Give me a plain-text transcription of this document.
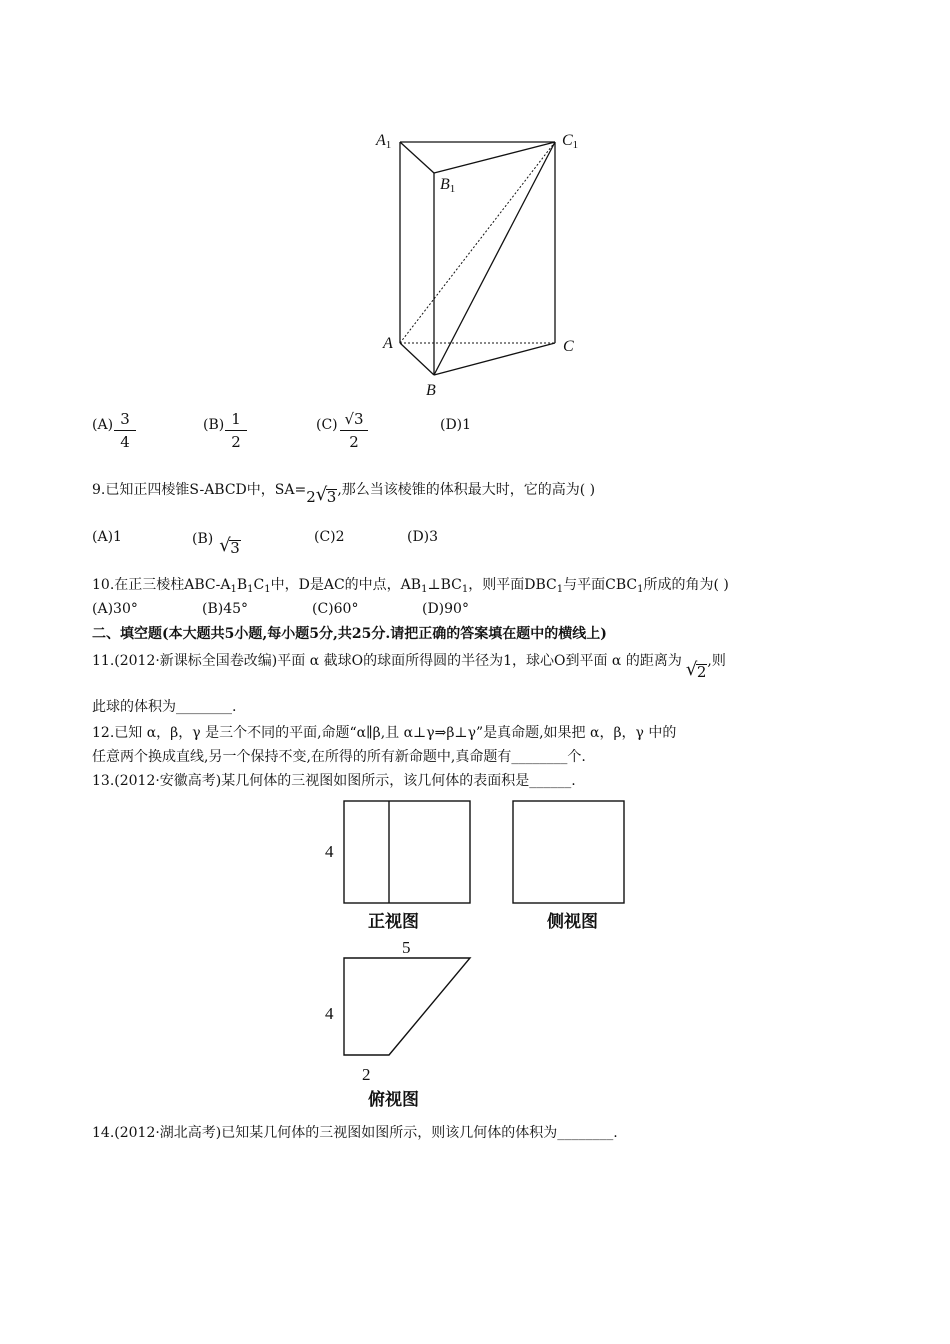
A1
B1
C1
A
B
C
(A) 3
4
(B) 1
2
(C) √3
2
(D)1
9.已知正四棱锥S-ABCD中，SA=2 √ 3,那么当该棱锥的体积最大时，它的高为( )
(A)1	(B) √ 3
(C)2	(D)3
10.在正三棱柱ABC-$A_1B_1C_1$中，D是AC的中点，$AB_1\perp BC_1$，则平面$DBC_1$与平面$CBC_1$所成的角为( )
(A)30°	(B)45°	(C)60°	(D)90°
二、填空题(本大题共5小题,每小题5分,共25分.请把正确的答案填在题中的横线上)
11.(2012·新课标全国卷改编)平面 α 截球O的球面所得圆的半径为1，球心O到平面 α 的距离为 √ 2,则
此球的体积为________.
12.已知 α，β，γ 是三个不同的平面,命题“α∥β,且 α⊥γ⇒β⊥γ”是真命题,如果把 α，β，γ 中的
任意两个换成直线,另一个保持不变,在所得的所有新命题中,真命题有________个.
13.(2012·安徽高考)某几何体的三视图如图所示，该几何体的表面积是______.
4
正视图	侧视图
5
4
2
俯视图
14.(2012·湖北高考)已知某几何体的三视图如图所示，则该几何体的体积为________.
